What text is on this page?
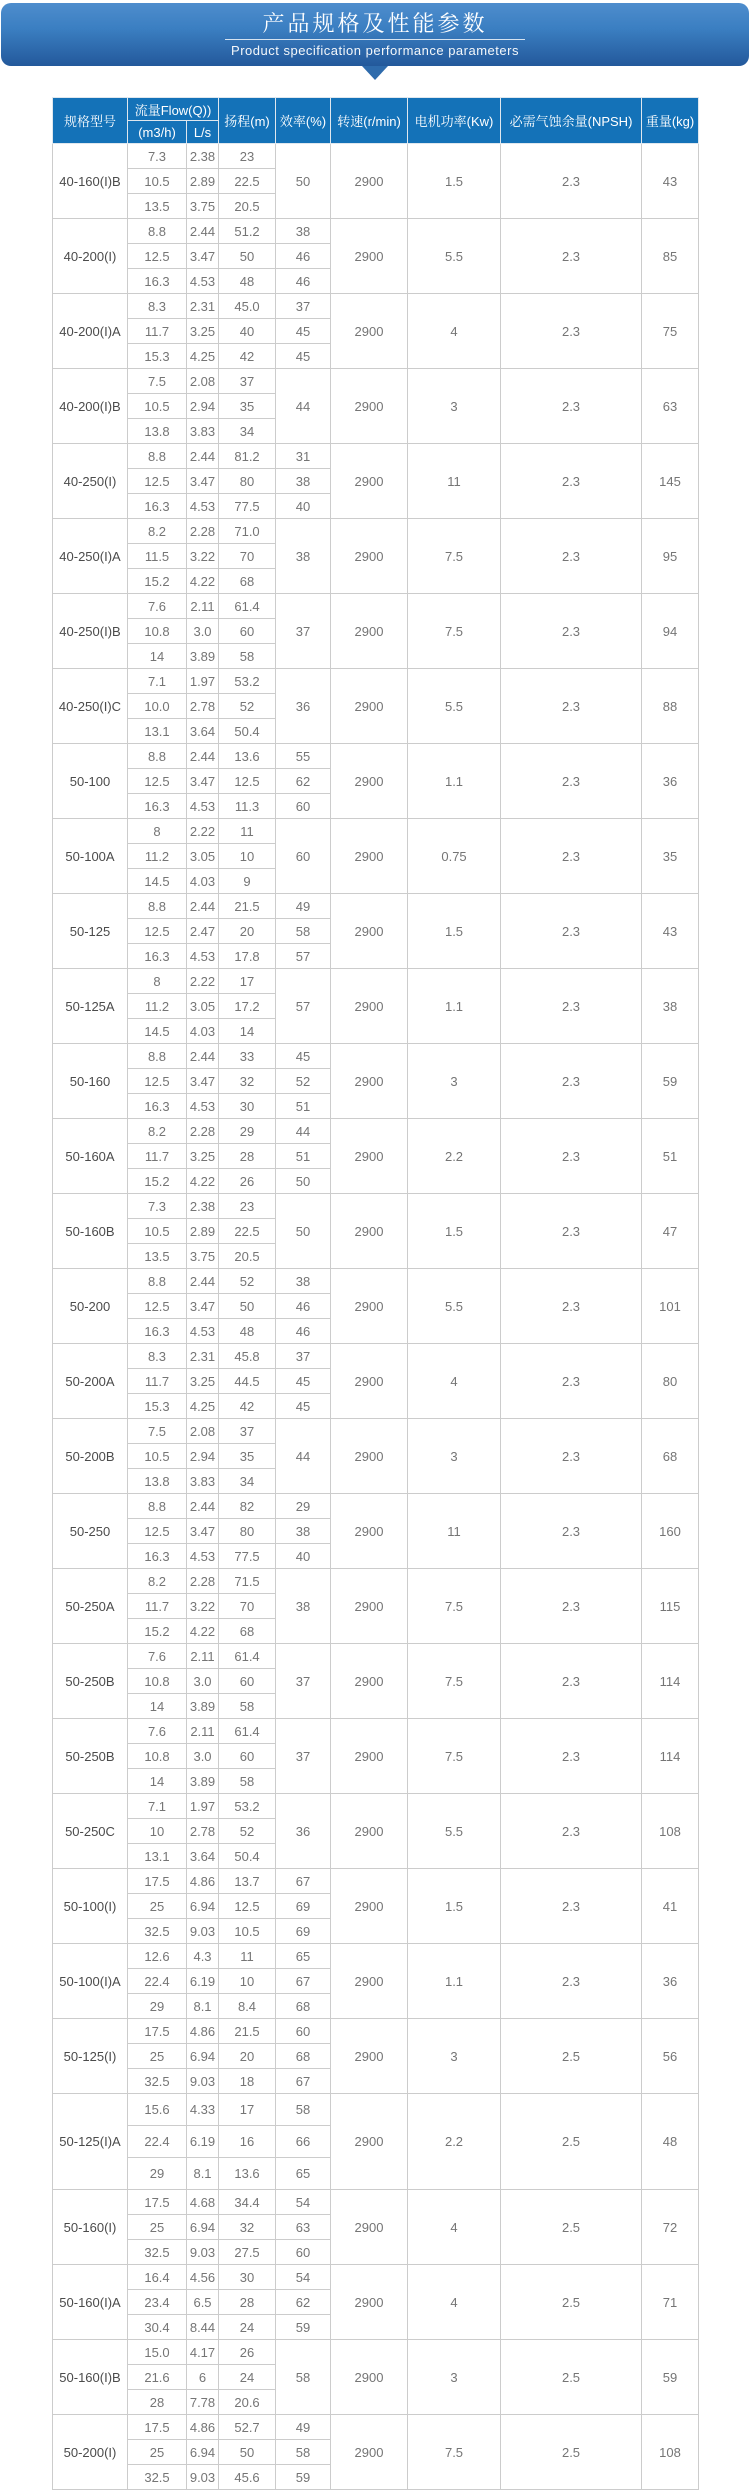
产品规格及性能参数
Product specification performance parameters
规格型号	流量Flow(Q))		扬程(m)	效率(%)	转速(r/min)	电机功率(Kw)	必需气蚀余量(NPSH)	重量(kg)
	(m3/h)	L/s						
40-160(I)B	7.3	2.38	23	50	2900	1.5	2.3	43
	10.5	2.89	22.5					
	13.5	3.75	20.5					
40-200(I)	8.8	2.44	51.2	38	2900	5.5	2.3	85
	12.5	3.47	50	46				
	16.3	4.53	48	46				
40-200(I)A	8.3	2.31	45.0	37	2900	4	2.3	75
	11.7	3.25	40	45				
	15.3	4.25	42	45				
40-200(I)B	7.5	2.08	37	44	2900	3	2.3	63
	10.5	2.94	35					
	13.8	3.83	34					
40-250(I)	8.8	2.44	81.2	31	2900	11	2.3	145
	12.5	3.47	80	38				
	16.3	4.53	77.5	40				
40-250(I)A	8.2	2.28	71.0	38	2900	7.5	2.3	95
	11.5	3.22	70					
	15.2	4.22	68					
40-250(I)B	7.6	2.11	61.4	37	2900	7.5	2.3	94
	10.8	3.0	60					
	14	3.89	58					
40-250(I)C	7.1	1.97	53.2	36	2900	5.5	2.3	88
	10.0	2.78	52					
	13.1	3.64	50.4					
50-100	8.8	2.44	13.6	55	2900	1.1	2.3	36
	12.5	3.47	12.5	62				
	16.3	4.53	11.3	60				
50-100A	8	2.22	11	60	2900	0.75	2.3	35
	11.2	3.05	10					
	14.5	4.03	9					
50-125	8.8	2.44	21.5	49	2900	1.5	2.3	43
	12.5	2.47	20	58				
	16.3	4.53	17.8	57				
50-125A	8	2.22	17	57	2900	1.1	2.3	38
	11.2	3.05	17.2					
	14.5	4.03	14					
50-160	8.8	2.44	33	45	2900	3	2.3	59
	12.5	3.47	32	52				
	16.3	4.53	30	51				
50-160A	8.2	2.28	29	44	2900	2.2	2.3	51
	11.7	3.25	28	51				
	15.2	4.22	26	50				
50-160B	7.3	2.38	23	50	2900	1.5	2.3	47
	10.5	2.89	22.5					
	13.5	3.75	20.5					
50-200	8.8	2.44	52	38	2900	5.5	2.3	101
	12.5	3.47	50	46				
	16.3	4.53	48	46				
50-200A	8.3	2.31	45.8	37	2900	4	2.3	80
	11.7	3.25	44.5	45				
	15.3	4.25	42	45				
50-200B	7.5	2.08	37	44	2900	3	2.3	68
	10.5	2.94	35					
	13.8	3.83	34					
50-250	8.8	2.44	82	29	2900	11	2.3	160
	12.5	3.47	80	38				
	16.3	4.53	77.5	40				
50-250A	8.2	2.28	71.5	38	2900	7.5	2.3	115
	11.7	3.22	70					
	15.2	4.22	68					
50-250B	7.6	2.11	61.4	37	2900	7.5	2.3	114
	10.8	3.0	60					
	14	3.89	58					
50-250B	7.6	2.11	61.4	37	2900	7.5	2.3	114
	10.8	3.0	60					
	14	3.89	58					
50-250C	7.1	1.97	53.2	36	2900	5.5	2.3	108
	10	2.78	52					
	13.1	3.64	50.4					
50-100(I)	17.5	4.86	13.7	67	2900	1.5	2.3	41
	25	6.94	12.5	69				
	32.5	9.03	10.5	69				
50-100(I)A	12.6	4.3	11	65	2900	1.1	2.3	36
	22.4	6.19	10	67				
	29	8.1	8.4	68				
50-125(I)	17.5	4.86	21.5	60	2900	3	2.5	56
	25	6.94	20	68				
	32.5	9.03	18	67				
50-125(I)A	15.6	4.33	17	58	2900	2.2	2.5	48
	22.4	6.19	16	66				
	29	8.1	13.6	65				
50-160(I)	17.5	4.68	34.4	54	2900	4	2.5	72
	25	6.94	32	63				
	32.5	9.03	27.5	60				
50-160(I)A	16.4	4.56	30	54	2900	4	2.5	71
	23.4	6.5	28	62				
	30.4	8.44	24	59				
50-160(I)B	15.0	4.17	26	58	2900	3	2.5	59
	21.6	6	24					
	28	7.78	20.6					
50-200(I)	17.5	4.86	52.7	49	2900	7.5	2.5	108
	25	6.94	50	58				
	32.5	9.03	45.6	59				
